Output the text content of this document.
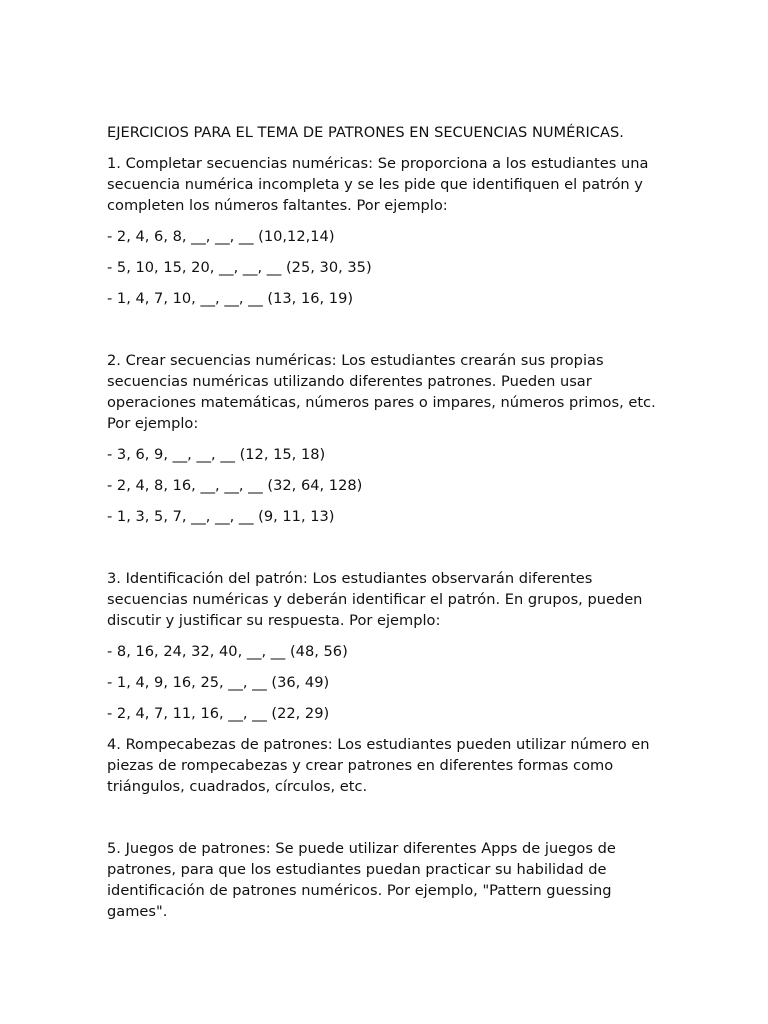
EJERCICIOS PARA EL TEMA DE PATRONES EN SECUENCIAS NUMÉRICAS.

1. Completar secuencias numéricas: Se proporciona a los estudiantes una secuencia numérica incompleta y se les pide que identifiquen el patrón y completen los números faltantes. Por ejemplo:

- 2, 4, 6, 8, __, __, __ (10,12,14)

- 5, 10, 15, 20, __, __, __ (25, 30, 35)

- 1, 4, 7, 10, __, __, __ (13, 16, 19)

2. Crear secuencias numéricas: Los estudiantes crearán sus propias secuencias numéricas utilizando diferentes patrones. Pueden usar operaciones matemáticas, números pares o impares, números primos, etc. Por ejemplo:

- 3, 6, 9, __, __, __ (12, 15, 18)

- 2, 4, 8, 16, __, __, __ (32, 64, 128)

- 1, 3, 5, 7, __, __, __ (9, 11, 13)

3. Identificación del patrón: Los estudiantes observarán diferentes secuencias numéricas y deberán identificar el patrón. En grupos, pueden discutir y justificar su respuesta. Por ejemplo:

- 8, 16, 24, 32, 40, __, __ (48, 56)

- 1, 4, 9, 16, 25, __, __ (36, 49)

- 2, 4, 7, 11, 16, __, __ (22, 29)

4. Rompecabezas de patrones: Los estudiantes pueden utilizar número en piezas de rompecabezas y crear patrones en diferentes formas como triángulos, cuadrados, círculos, etc.

5. Juegos de patrones: Se puede utilizar diferentes Apps de juegos de patrones, para que los estudiantes puedan practicar su habilidad de identificación de patrones numéricos. Por ejemplo, "Pattern guessing games".
